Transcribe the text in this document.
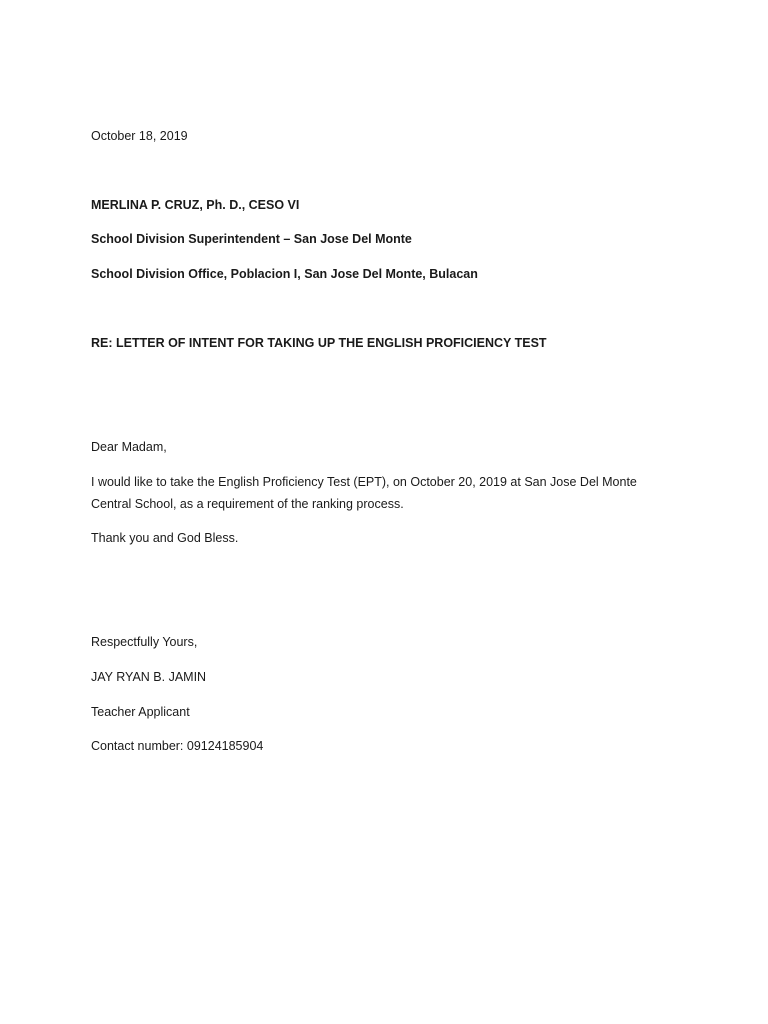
October 18, 2019
MERLINA P. CRUZ, Ph. D., CESO VI
School Division Superintendent – San Jose Del Monte
School Division Office, Poblacion I, San Jose Del Monte, Bulacan
RE: LETTER OF INTENT FOR TAKING UP THE ENGLISH PROFICIENCY TEST
Dear Madam,
I would like to take the English Proficiency Test (EPT), on October 20, 2019 at San Jose Del Monte Central School, as a requirement of the ranking process.
Thank you and God Bless.
Respectfully Yours,
JAY RYAN B. JAMIN
Teacher Applicant
Contact number: 09124185904
